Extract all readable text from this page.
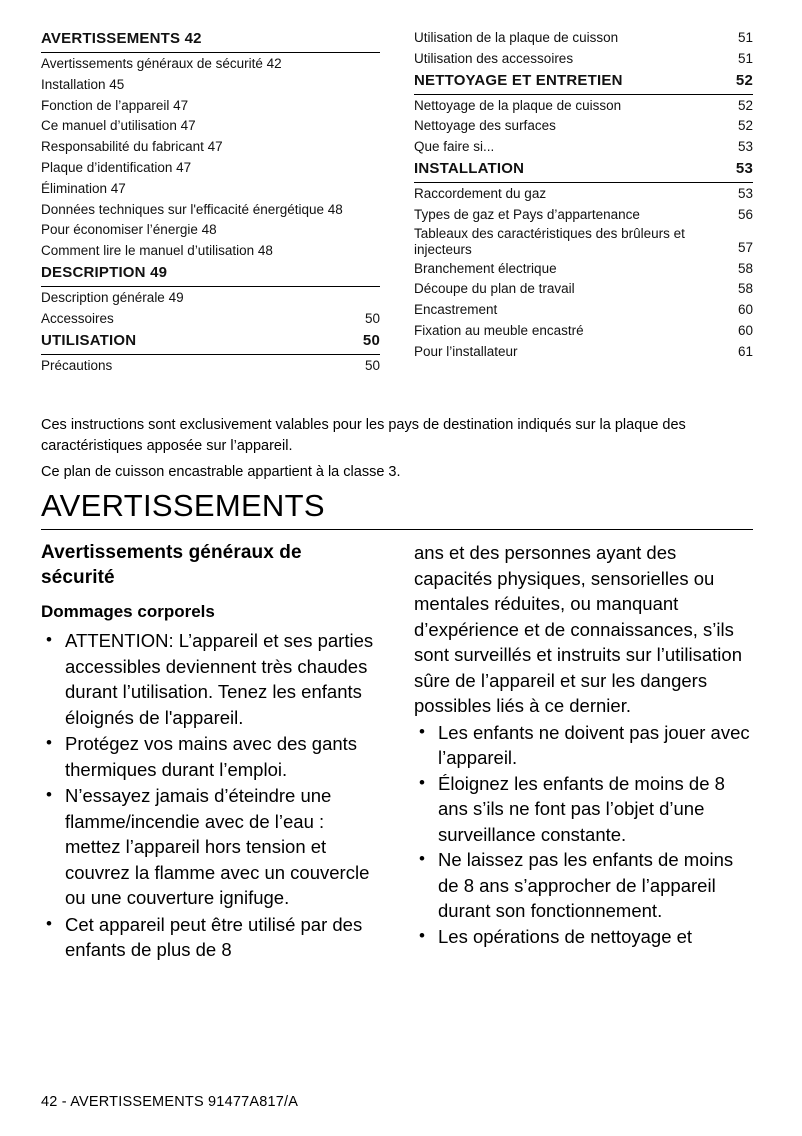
AVERTISSEMENTS 42
Avertissements généraux de sécurité 42
Installation 45
Fonction de l’appareil 47
Ce manuel d’utilisation 47
Responsabilité du fabricant 47
Plaque d’identification 47
Élimination 47
Données techniques sur l'efficacité énergétique 48
Pour économiser l’énergie 48
Comment lire le manuel d’utilisation 48
DESCRIPTION 49
Description générale 49
Accessoires	50
UTILISATION	50
Précautions	50
Utilisation de la plaque de cuisson	51
Utilisation des accessoires	51
NETTOYAGE ET ENTRETIEN	52
Nettoyage de la plaque de cuisson	52
Nettoyage des surfaces	52
Que faire si...	53
INSTALLATION	53
Raccordement du gaz	53
Types de gaz et Pays d’appartenance	56
Tableaux des caractéristiques des brûleurs et injecteurs	57
Branchement électrique	58
Découpe du plan de travail	58
Encastrement	60
Fixation au meuble encastré	60
Pour l’installateur	61

Ces instructions sont exclusivement valables pour les pays de destination indiqués sur la plaque des caractéristiques apposée sur l’appareil.

Ce plan de cuisson encastrable appartient à la classe 3.

AVERTISSEMENTS
Avertissements généraux de sécurité
Dommages corporels
• ATTENTION: L’appareil et ses parties accessibles deviennent très chaudes durant l’utilisation. Tenez les enfants éloignés de l'appareil.
• Protégez vos mains avec des gants thermiques durant l’emploi.
• N’essayez jamais d’éteindre une flamme/incendie avec de l’eau : mettez l’appareil hors tension et couvrez la flamme avec un couvercle ou une couverture ignifuge.
• Cet appareil peut être utilisé par des enfants de plus de 8

ans et des personnes ayant des capacités physiques, sensorielles ou mentales réduites, ou manquant d’expérience et de connaissances, s’ils sont surveillés et instruits sur l’utilisation sûre de l’appareil et sur les dangers possibles liés à ce dernier.

• Les enfants ne doivent pas jouer avec l’appareil.
• Éloignez les enfants de moins de 8 ans s’ils ne font pas l’objet d’une surveillance constante.
• Ne laissez pas les enfants de moins de 8 ans s’approcher de l’appareil durant son fonctionnement.
• Les opérations de nettoyage et
42 - AVERTISSEMENTS 91477A817/A
